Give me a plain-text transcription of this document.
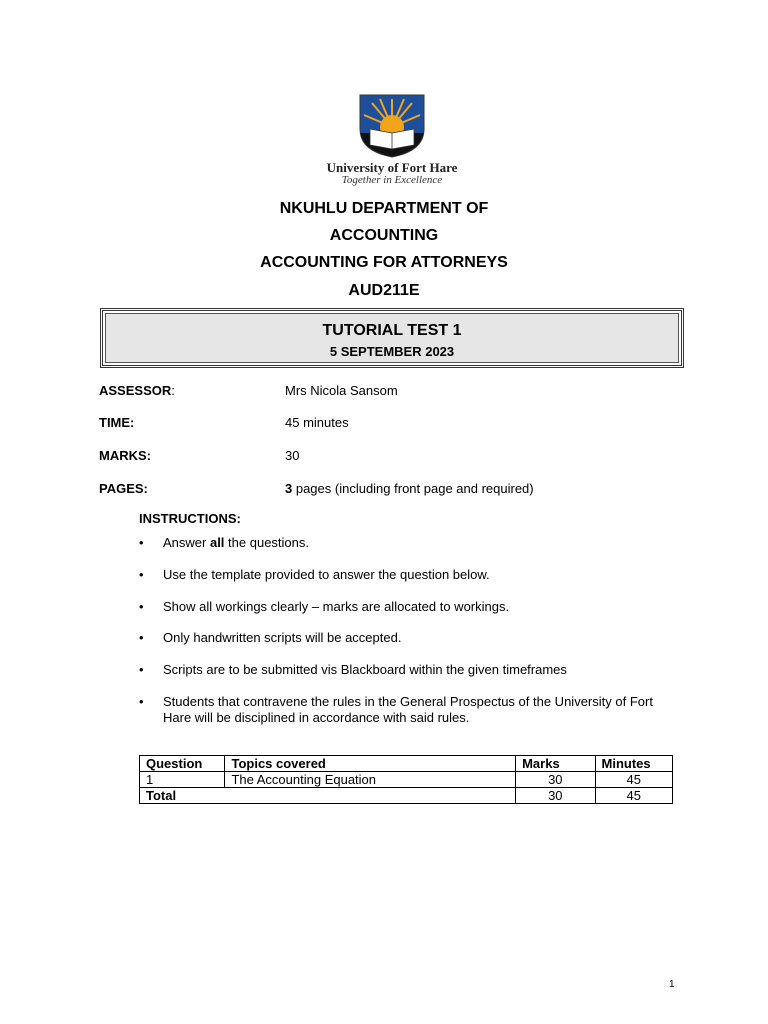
University of Fort Hare
Together in Excellence
NKUHLU DEPARTMENT OF
ACCOUNTING
ACCOUNTING FOR ATTORNEYS
AUD211E
TUTORIAL TEST 1
5 SEPTEMBER 2023
ASSESSOR:	Mrs Nicola Sansom
TIME:	45 minutes
MARKS:	30
PAGES:	3 pages (including front page and required)
INSTRUCTIONS:
• Answer all the questions.
• Use the template provided to answer the question below.
• Show all workings clearly – marks are allocated to workings.
• Only handwritten scripts will be accepted.
• Scripts are to be submitted vis Blackboard within the given timeframes
• Students that contravene the rules in the General Prospectus of the University of Fort Hare will be disciplined in accordance with said rules.
Question	Topics covered	Marks	Minutes
1	The Accounting Equation	30	45
Total		30	45
1
